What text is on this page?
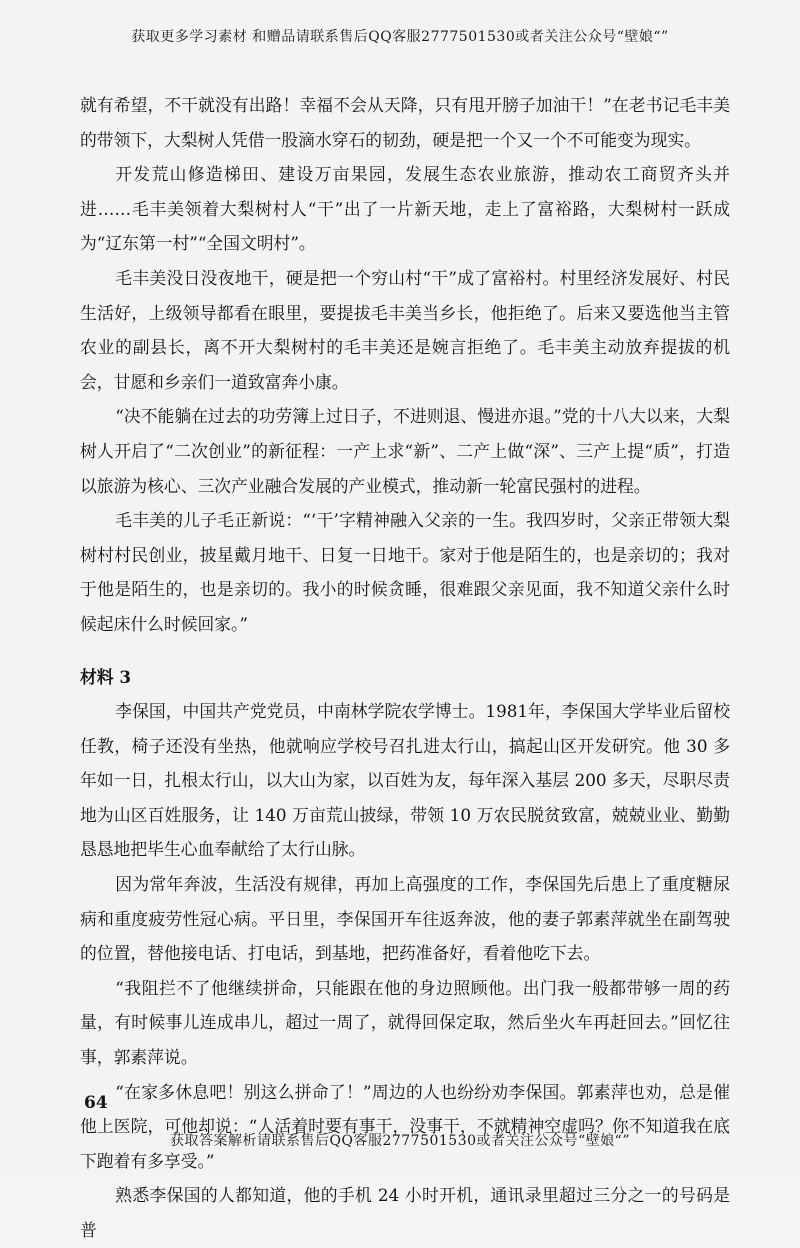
获取更多学习素材 和赠品请联系售后QQ客服2777501530或者关注公众号“壁娘“”

就有希望，不干就没有出路！幸福不会从天降，只有甩开膀子加油干！”在老书记毛丰美的带领下，大梨树人凭借一股滴水穿石的韧劲，硬是把一个又一个不可能变为现实。

开发荒山修造梯田、建设万亩果园，发展生态农业旅游，推动农工商贸齐头并进……毛丰美领着大梨树村人“干”出了一片新天地，走上了富裕路，大梨树村一跃成为“辽东第一村”“全国文明村”。

毛丰美没日没夜地干，硬是把一个穷山村“干”成了富裕村。村里经济发展好、村民生活好，上级领导都看在眼里，要提拔毛丰美当乡长，他拒绝了。后来又要选他当主管农业的副县长，离不开大梨树村的毛丰美还是婉言拒绝了。毛丰美主动放弃提拔的机会，甘愿和乡亲们一道致富奔小康。

“决不能躺在过去的功劳簿上过日子，不进则退、慢进亦退。”党的十八大以来，大梨树人开启了“二次创业”的新征程：一产上求“新”、二产上做“深”、三产上提“质”，打造以旅游为核心、三次产业融合发展的产业模式，推动新一轮富民强村的进程。

毛丰美的儿子毛正新说：“‘干’字精神融入父亲的一生。我四岁时，父亲正带领大梨树村村民创业，披星戴月地干、日复一日地干。家对于他是陌生的，也是亲切的；我对于他是陌生的，也是亲切的。我小的时候贪睡，很难跟父亲见面，我不知道父亲什么时候起床什么时候回家。”

材料 3

李保国，中国共产党党员，中南林学院农学博士。1981年，李保国大学毕业后留校任教，椅子还没有坐热，他就响应学校号召扎进太行山，搞起山区开发研究。他 30 多年如一日，扎根太行山，以大山为家，以百姓为友，每年深入基层 200 多天，尽职尽责地为山区百姓服务，让 140 万亩荒山披绿，带领 10 万农民脱贫致富，兢兢业业、勤勤恳恳地把毕生心血奉献给了太行山脉。

因为常年奔波，生活没有规律，再加上高强度的工作，李保国先后患上了重度糖尿病和重度疲劳性冠心病。平日里，李保国开车往返奔波，他的妻子郭素萍就坐在副驾驶的位置，替他接电话、打电话，到基地，把药准备好，看着他吃下去。

“我阻拦不了他继续拼命，只能跟在他的身边照顾他。出门我一般都带够一周的药量，有时候事儿连成串儿，超过一周了，就得回保定取，然后坐火车再赶回去。”回忆往事，郭素萍说。

“在家多休息吧！别这么拼命了！”周边的人也纷纷劝李保国。郭素萍也劝，总是催他上医院，可他却说：“人活着时要有事干，没事干，不就精神空虚吗？你不知道我在底下跑着有多享受。”

熟悉李保国的人都知道，他的手机 24 小时开机，通讯录里超过三分之一的号码是普

64
获取答案解析请联系售后QQ客服2777501530或者关注公众号“壁娘“”
